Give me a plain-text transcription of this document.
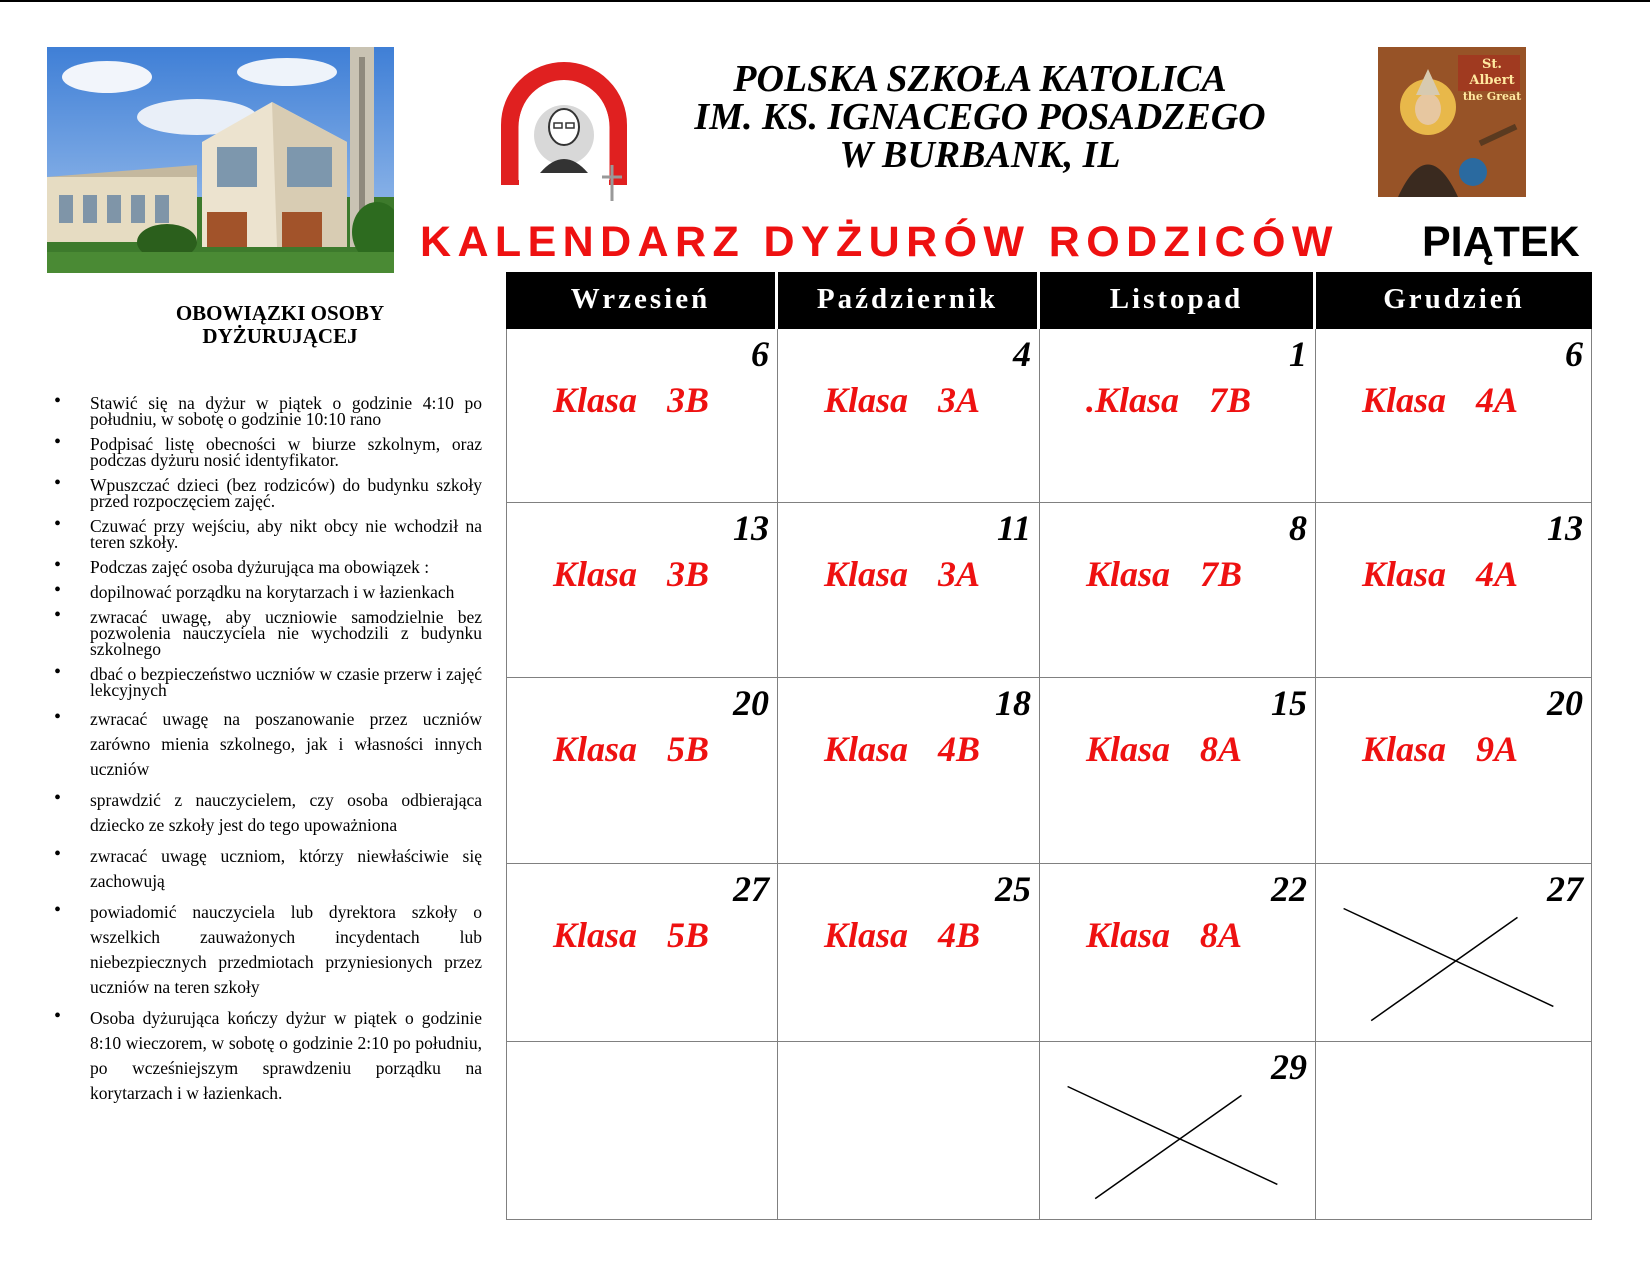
POLSKA SZKOŁA KATOLICA
IM. KS. IGNACEGO POSADZEGO
W BURBANK, IL
St. Albert
the Great
KALENDARZ DYŻURÓW RODZICÓW PIĄTEK
OBOWIĄZKI OSOBY
DYŻURUJĄCEJ
• Stawić się na dyżur w piątek o godzinie 4:10 po południu, w sobotę o godzinie 10:10 rano
• Podpisać listę obecności w biurze szkolnym, oraz podczas dyżuru nosić identyfikator.
• Wpuszczać dzieci (bez rodziców) do budynku szkoły przed rozpoczęciem zajęć.
• Czuwać przy wejściu, aby nikt obcy nie wchodził na teren szkoły.
• Podczas zajęć osoba dyżurująca ma obowiązek :
• dopilnować porządku na korytarzach i w łazienkach
• zwracać uwagę, aby uczniowie samodzielnie bez pozwolenia nauczyciela nie wychodzili z budynku szkolnego
• dbać o bezpieczeństwo uczniów w czasie przerw i zajęć lekcyjnych
• zwracać uwagę na poszanowanie przez uczniów zarówno mienia szkolnego, jak i własności innych uczniów
• sprawdzić z nauczycielem, czy osoba odbierająca dziecko ze szkoły jest do tego upoważniona
• zwracać uwagę uczniom, którzy niewłaściwie się zachowują
• powiadomić nauczyciela lub dyrektora szkoły o wszelkich zauważonych incydentach lub niebezpiecznych przedmiotach przyniesionych przez uczniów na teren szkoły
• Osoba dyżurująca kończy dyżur w piątek o godzinie 8:10 wieczorem, w sobotę o godzinie 2:10 po południu, po wcześniejszym sprawdzeniu porządku na korytarzach i w łazienkach.
Wrzesień
6
Klasa 3B
13
Klasa 3B
20
Klasa 5B
27
Klasa 5B
Październik
4
Klasa 3A
11
Klasa 3A
18
Klasa 4B
25
Klasa 4B
Listopad
1
.Klasa 7B
8
Klasa 7B
15
Klasa 8A
22
Klasa 8A
29
Grudzień
6
Klasa 4A
13
Klasa 4A
20
Klasa 9A
27
